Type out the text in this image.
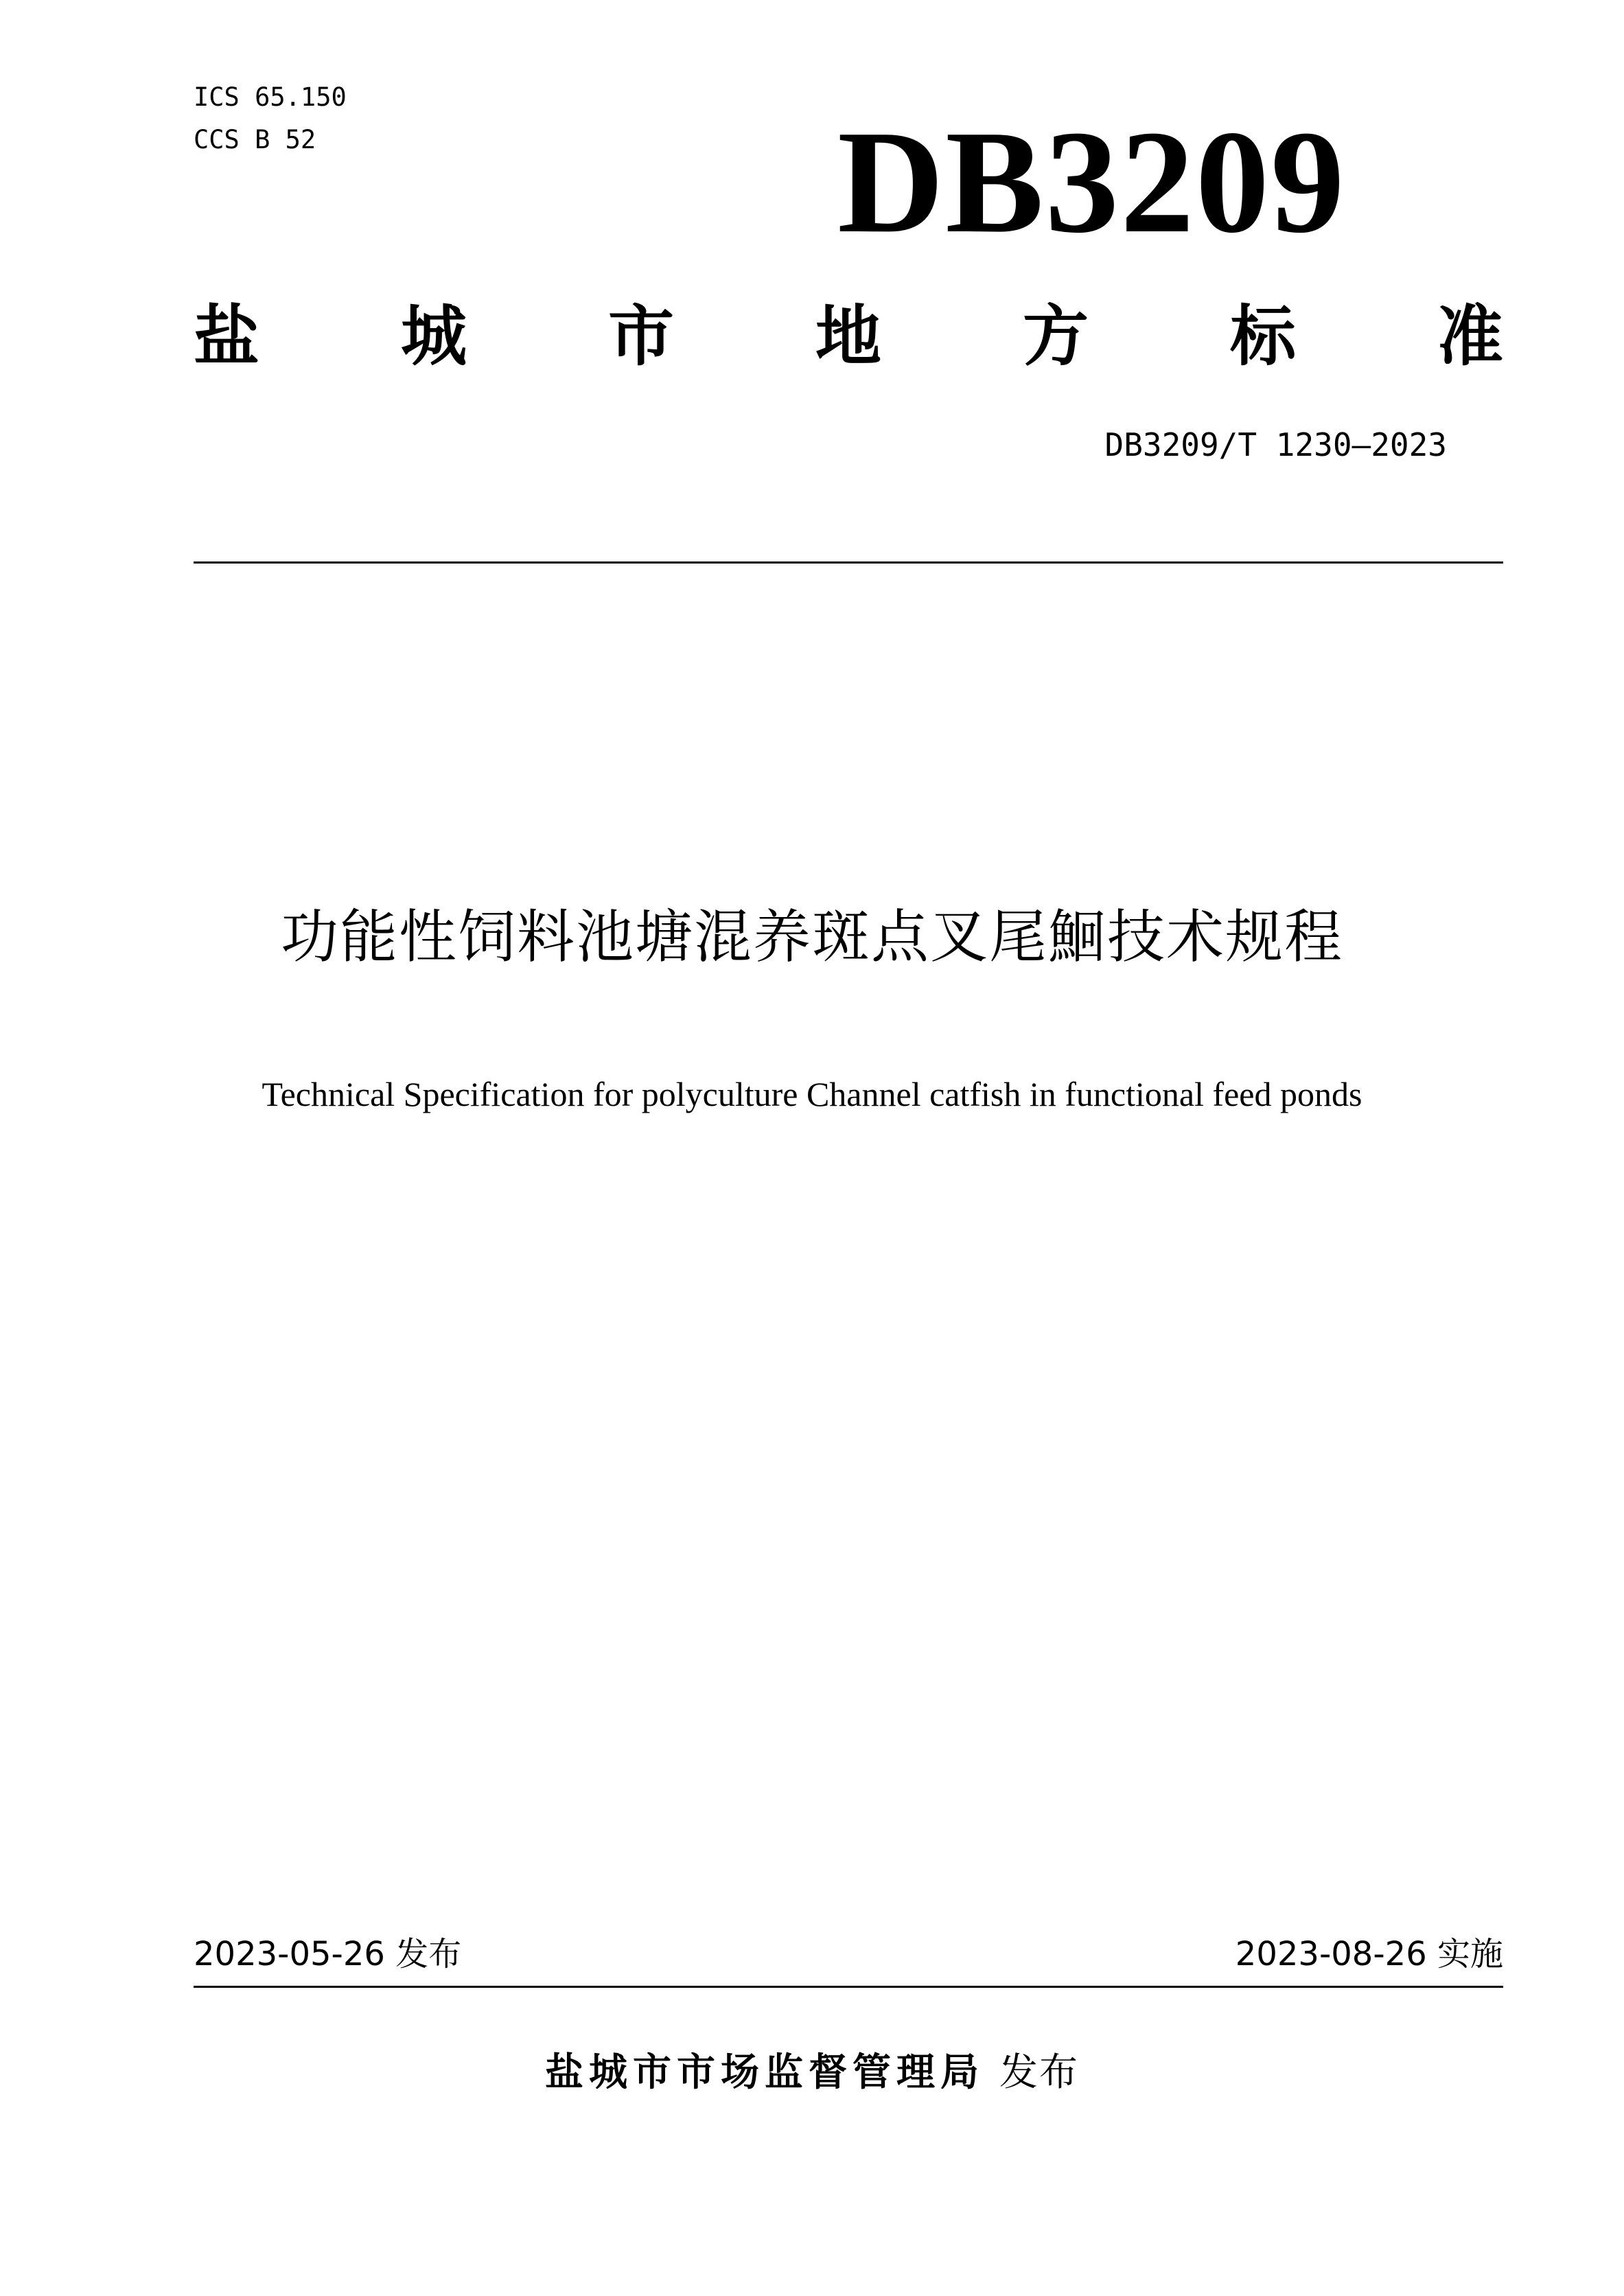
ICS 65.150
CCS B 52	DB3209
盐 城 市 地 方 标 准
DB3209/T 1230—2023
功能性饲料池塘混养斑点叉尾鮰技术规程
Technical Specification for polyculture Channel catfish in functional feed ponds
2023-05-26 发布	2023-08-26 实施
盐城市市场监督管理局 发布
